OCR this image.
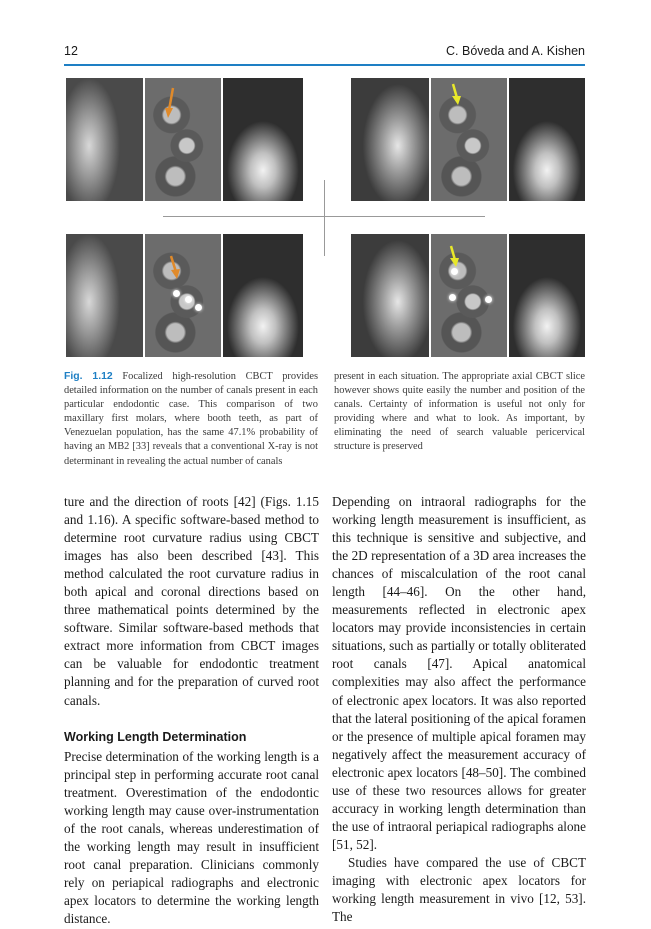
12	C. Bóveda and A. Kishen
Fig. 1.12 Focalized high-resolution CBCT provides detailed information on the number of canals present in each particular endodontic case. This comparison of two maxillary first molars, where booth teeth, as part of Venezuelan population, has the same 47.1% probability of having an MB2 [33] reveals that a conventional X-ray is not determinant in revealing the actual number of canals
present in each situation. The appropriate axial CBCT slice however shows quite easily the number and position of the canals. Certainty of information is useful not only for providing where and what to look. As important, by eliminating the need of search valuable pericervical structure is preserved

ture and the direction of roots [42] (Figs. 1.15 and 1.16). A specific software-based method to determine root curvature radius using CBCT images has also been described [43]. This method calculated the root curvature radius in both apical and coronal directions based on three mathematical points determined by the software. Similar software-based methods that extract more information from CBCT images can be valuable for endodontic treatment planning and for the preparation of curved root canals.

Working Length Determination

Precise determination of the working length is a principal step in performing accurate root canal treatment. Overestimation of the endodontic working length may cause over-instrumentation of the root canals, whereas underestimation of the working length may result in insufficient root canal preparation. Clinicians commonly rely on periapical radiographs and electronic apex locators to determine the working length distance.

Depending on intraoral radiographs for the working length measurement is insufficient, as this technique is sensitive and subjective, and the 2D representation of a 3D area increases the chances of miscalculation of the root canal length [44–46]. On the other hand, measurements reflected in electronic apex locators may provide inconsistencies in certain situations, such as partially or totally obliterated root canals [47]. Apical anatomical complexities may also affect the performance of electronic apex locators. It was also reported that the lateral positioning of the apical foramen or the presence of multiple apical foramen may negatively affect the measurement accuracy of electronic apex locators [48–50]. The combined use of these two resources allows for greater accuracy in working length determination than the use of intraoral periapical radiographs alone [51, 52].

Studies have compared the use of CBCT imaging with electronic apex locators for working length measurement in vivo [12, 53]. The
